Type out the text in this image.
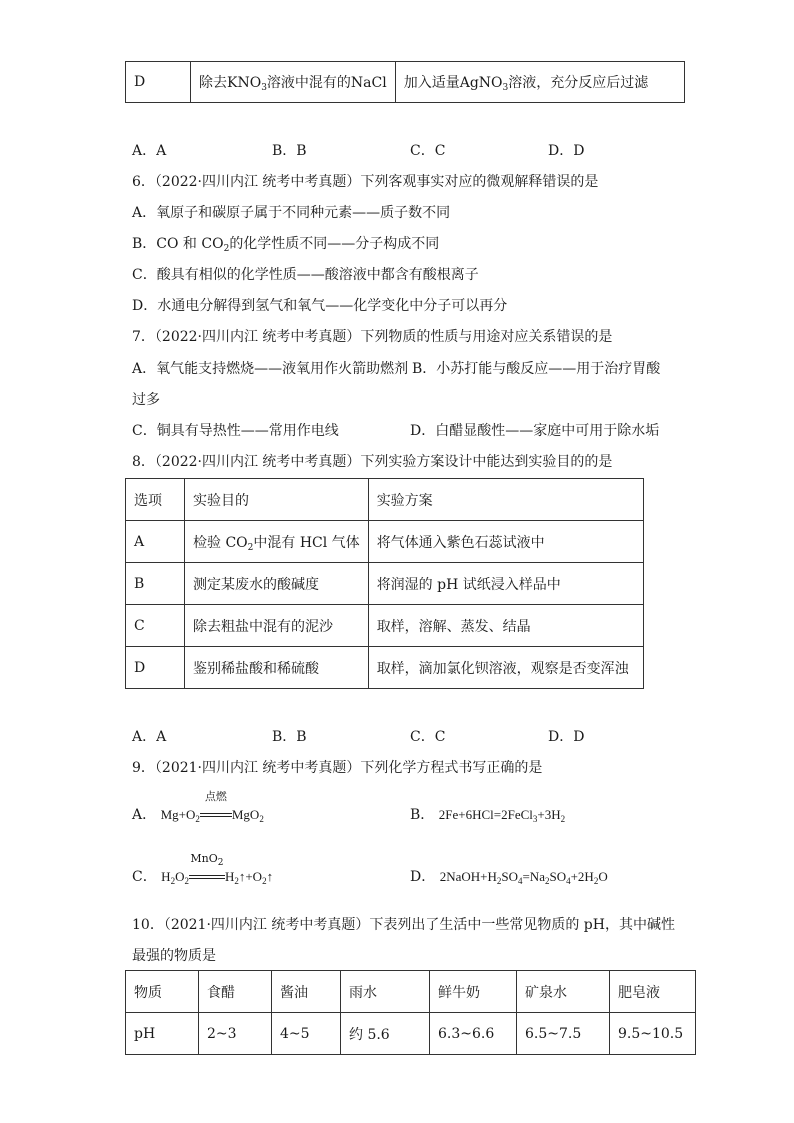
D	除去$KNO_3$溶液中混有的NaCl	加入适量AgNO$_3$溶液，充分反应后过滤
A．A	B．B	C．C	D．D
6．（2022·四川内江 统考中考真题）下列客观事实对应的微观解释错误的是
A．氧原子和碳原子属于不同种元素——质子数不同
B．CO 和 $CO_2$的化学性质不同——分子构成不同
C．酸具有相似的化学性质——酸溶液中都含有酸根离子
D．水通电分解得到氢气和氧气——化学变化中分子可以再分
7．（2022·四川内江 统考中考真题）下列物质的性质与用途对应关系错误的是
A．氧气能支持燃烧——液氧用作火箭助燃剂 B．小苏打能与酸反应——用于治疗胃酸
过多
C．铜具有导热性——常用作电线	D．白醋显酸性——家庭中可用于除水垢
8．（2022·四川内江 统考中考真题）下列实验方案设计中能达到实验目的的是
选项	实验目的	实验方案
A	检验 $CO_2$中混有 HCl 气体	将气体通入紫色石蕊试液中
B	测定某废水的酸碱度	将润湿的 pH 试纸浸入样品中
C	除去粗盐中混有的泥沙	取样，溶解、蒸发、结晶
D	鉴别稀盐酸和稀硫酸	取样，滴加氯化钡溶液，观察是否变浑浊
A．A	B．B	C．C	D．D
9．（2021·四川内江 统考中考真题）下列化学方程式书写正确的是
A． $Mg+O_2$
点燃
MgO$_2$	B． $2Fe+6HCl=2FeCl_3+3H_2$
C． $H_2O_2$
MnO$_2$
$H_2↑+O_2↑$	D． $2NaOH+H_2SO_4=Na_2SO_4+2H_2O$
10．（2021·四川内江 统考中考真题）下表列出了生活中一些常见物质的 pH，其中碱性
最强的物质是
物质	食醋	酱油	雨水	鲜牛奶	矿泉水	肥皂液
pH	2~3	4~5	约 5.6	6.3~6.6	6.5~7.5	9.5~10.5
